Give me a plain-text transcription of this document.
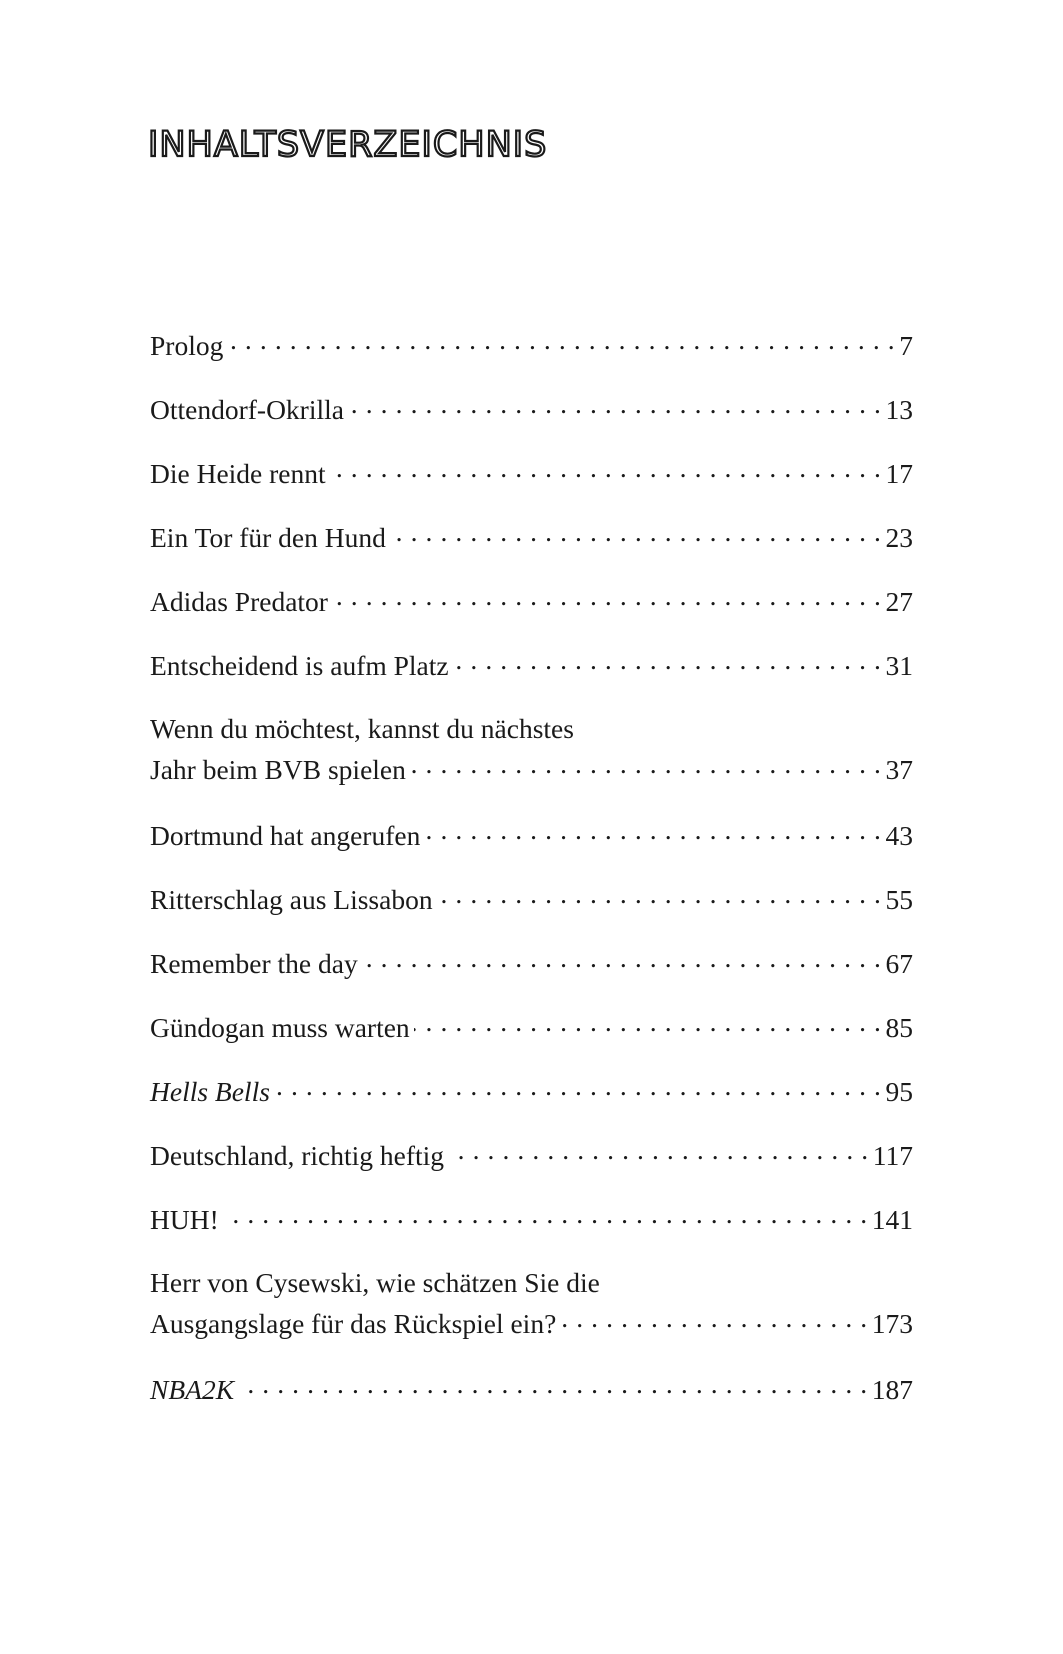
INHALTSVERZEICHNIS
Prolog . . .	7
Ottendorf-Okrilla . . .	13
Die Heide rennt . . .	17
Ein Tor für den Hund . . .	23
Adidas Predator . . .	27
Entscheidend is aufm Platz . . .	31
Wenn du möchtest, kannst du nächstes
Jahr beim BVB spielen . . .	37
Dortmund hat angerufen . . .	43
Ritterschlag aus Lissabon . . .	55
Remember the day . . .	67
Gündogan muss warten . . .	85
Hells Bells . . .	95
Deutschland, richtig heftig . . .	117
HUH! . . .	141
Herr von Cysewski, wie schätzen Sie die
Ausgangslage für das Rückspiel ein? . . .	173
NBA2K . . .	187
